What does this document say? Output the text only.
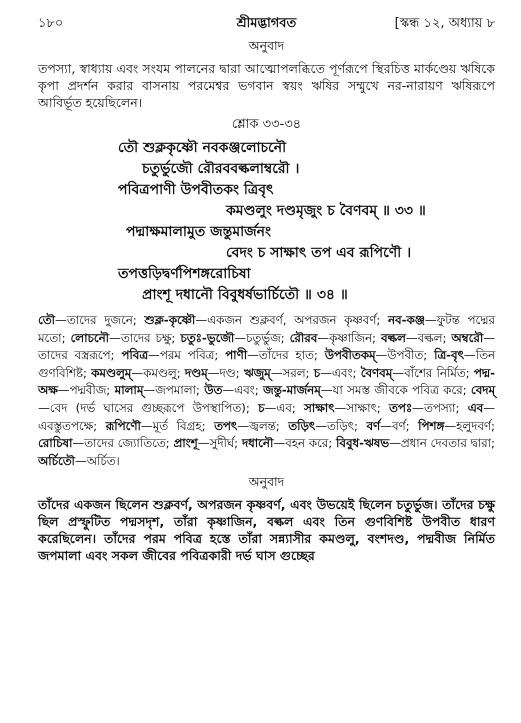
১৮০	শ্রীমদ্ভাগবত	[স্কন্ধ ১২, অধ্যায় ৮
অনুবাদ

তপস্যা, স্বাধ্যায় এবং সংযম পালনের দ্বারা আত্মোপলব্ধিতে পূর্ণরূপে স্থিরচিত্ত মার্কণ্ডেয় ঋষিকে কৃপা প্রদর্শন করার বাসনায় পরমেশ্বর ভগবান স্বয়ং ঋষির সম্মুখে নর-নারায়ণ ঋষিরূপে আবির্ভূত হয়েছিলেন।

শ্লোক ৩৩-৩৪
তৌ শুক্লকৃষ্ণৌ নবকঞ্জলোচনৌ
চতুর্ভুজৌ রৌরববল্কলাম্বরৌ ।
পবিত্রপাণী উপবীতকং ত্রিবৃৎ
কমণ্ডলুং দণ্ডমৃজুং চ বৈণবম্ ॥ ৩৩ ॥
পদ্মাক্ষমালামুত জন্তুমার্জনং
বেদং চ সাক্ষাৎ তপ এব রূপিণৌ ।
তপত্তড়িদ্বর্ণপিশঙ্গরোচিষা
প্রাংশূ দধানৌ বিবুধর্ষভার্চিতৌ ॥ ৩৪ ॥

তৌ—তাদের দুজনে; শুক্ল-কৃষ্ণৌ—একজন শুক্লবর্ণ, অপরজন কৃষ্ণবর্ণ; নব-কঞ্জ—ফুটন্ত পদ্মের মতো; লোচনৌ—তাদের চক্ষু; চতুঃ-ভুজৌ—চতুর্ভুজ; রৌরব—কৃষ্ণাজিন; বল্কল—বল্কল; অম্বরৌ—তাদের বস্ত্ররূপে; পবিত্র—পরম পবিত্র; পাণী—তাঁদের হাত; উপবীতকম্—উপবীত; ত্রি-বৃৎ—তিন গুণবিশিষ্ট; কমণ্ডলুম্—কমণ্ডলু; দণ্ডম্—দণ্ড; ঋজুম্—সরল; চ—এবং; বৈণবম্—বাঁশের নির্মিত; পদ্ম-অক্ষ—পদ্মবীজ; মালাম্—জপমালা; উত—এবং; জন্তু-মার্জনম্—যা সমস্ত জীবকে পবিত্র করে; বেদম্—বেদ (দর্ভ ঘাসের গুচ্ছরূপে উপস্থাপিত); চ—এব; সাক্ষাৎ—সাক্ষাৎ; তপঃ—তপস্যা; এব—এবস্তুতপক্ষে; রূপিণৌ—মূর্ত বিগ্রহ; তপৎ—জ্বলন্ত; তড়িৎ—তড়িৎ; বর্ণ—বর্ণ; পিশঙ্গ—হলুদবর্ণ; রোচিষা—তাদের জ্যোতিতে; প্রাংশূ—সুদীর্ঘ; দধানৌ—বহন করে; বিবুধ-ঋষভ—প্রধান দেবতার দ্বারা; অর্চিতৌ—অর্চিত।

অনুবাদ

তাঁদের একজন ছিলেন শুক্লবর্ণ, অপরজন কৃষ্ণবর্ণ, এবং উভয়েই ছিলেন চতুর্ভুজ। তাঁদের চক্ষু ছিল প্রস্ফুটিত পদ্মসদৃশ, তাঁরা কৃষ্ণাজিন, বল্কল এবং তিন গুণবিশিষ্ট উপবীত ধারণ করেছিলেন। তাঁদের পরম পবিত্র হস্তে তাঁরা সন্ন্যাসীর কমণ্ডলু, বংশদণ্ড, পদ্মবীজ নির্মিত জপমালা এবং সকল জীবের পবিত্রকারী দর্ভ ঘাস গুচ্ছের
